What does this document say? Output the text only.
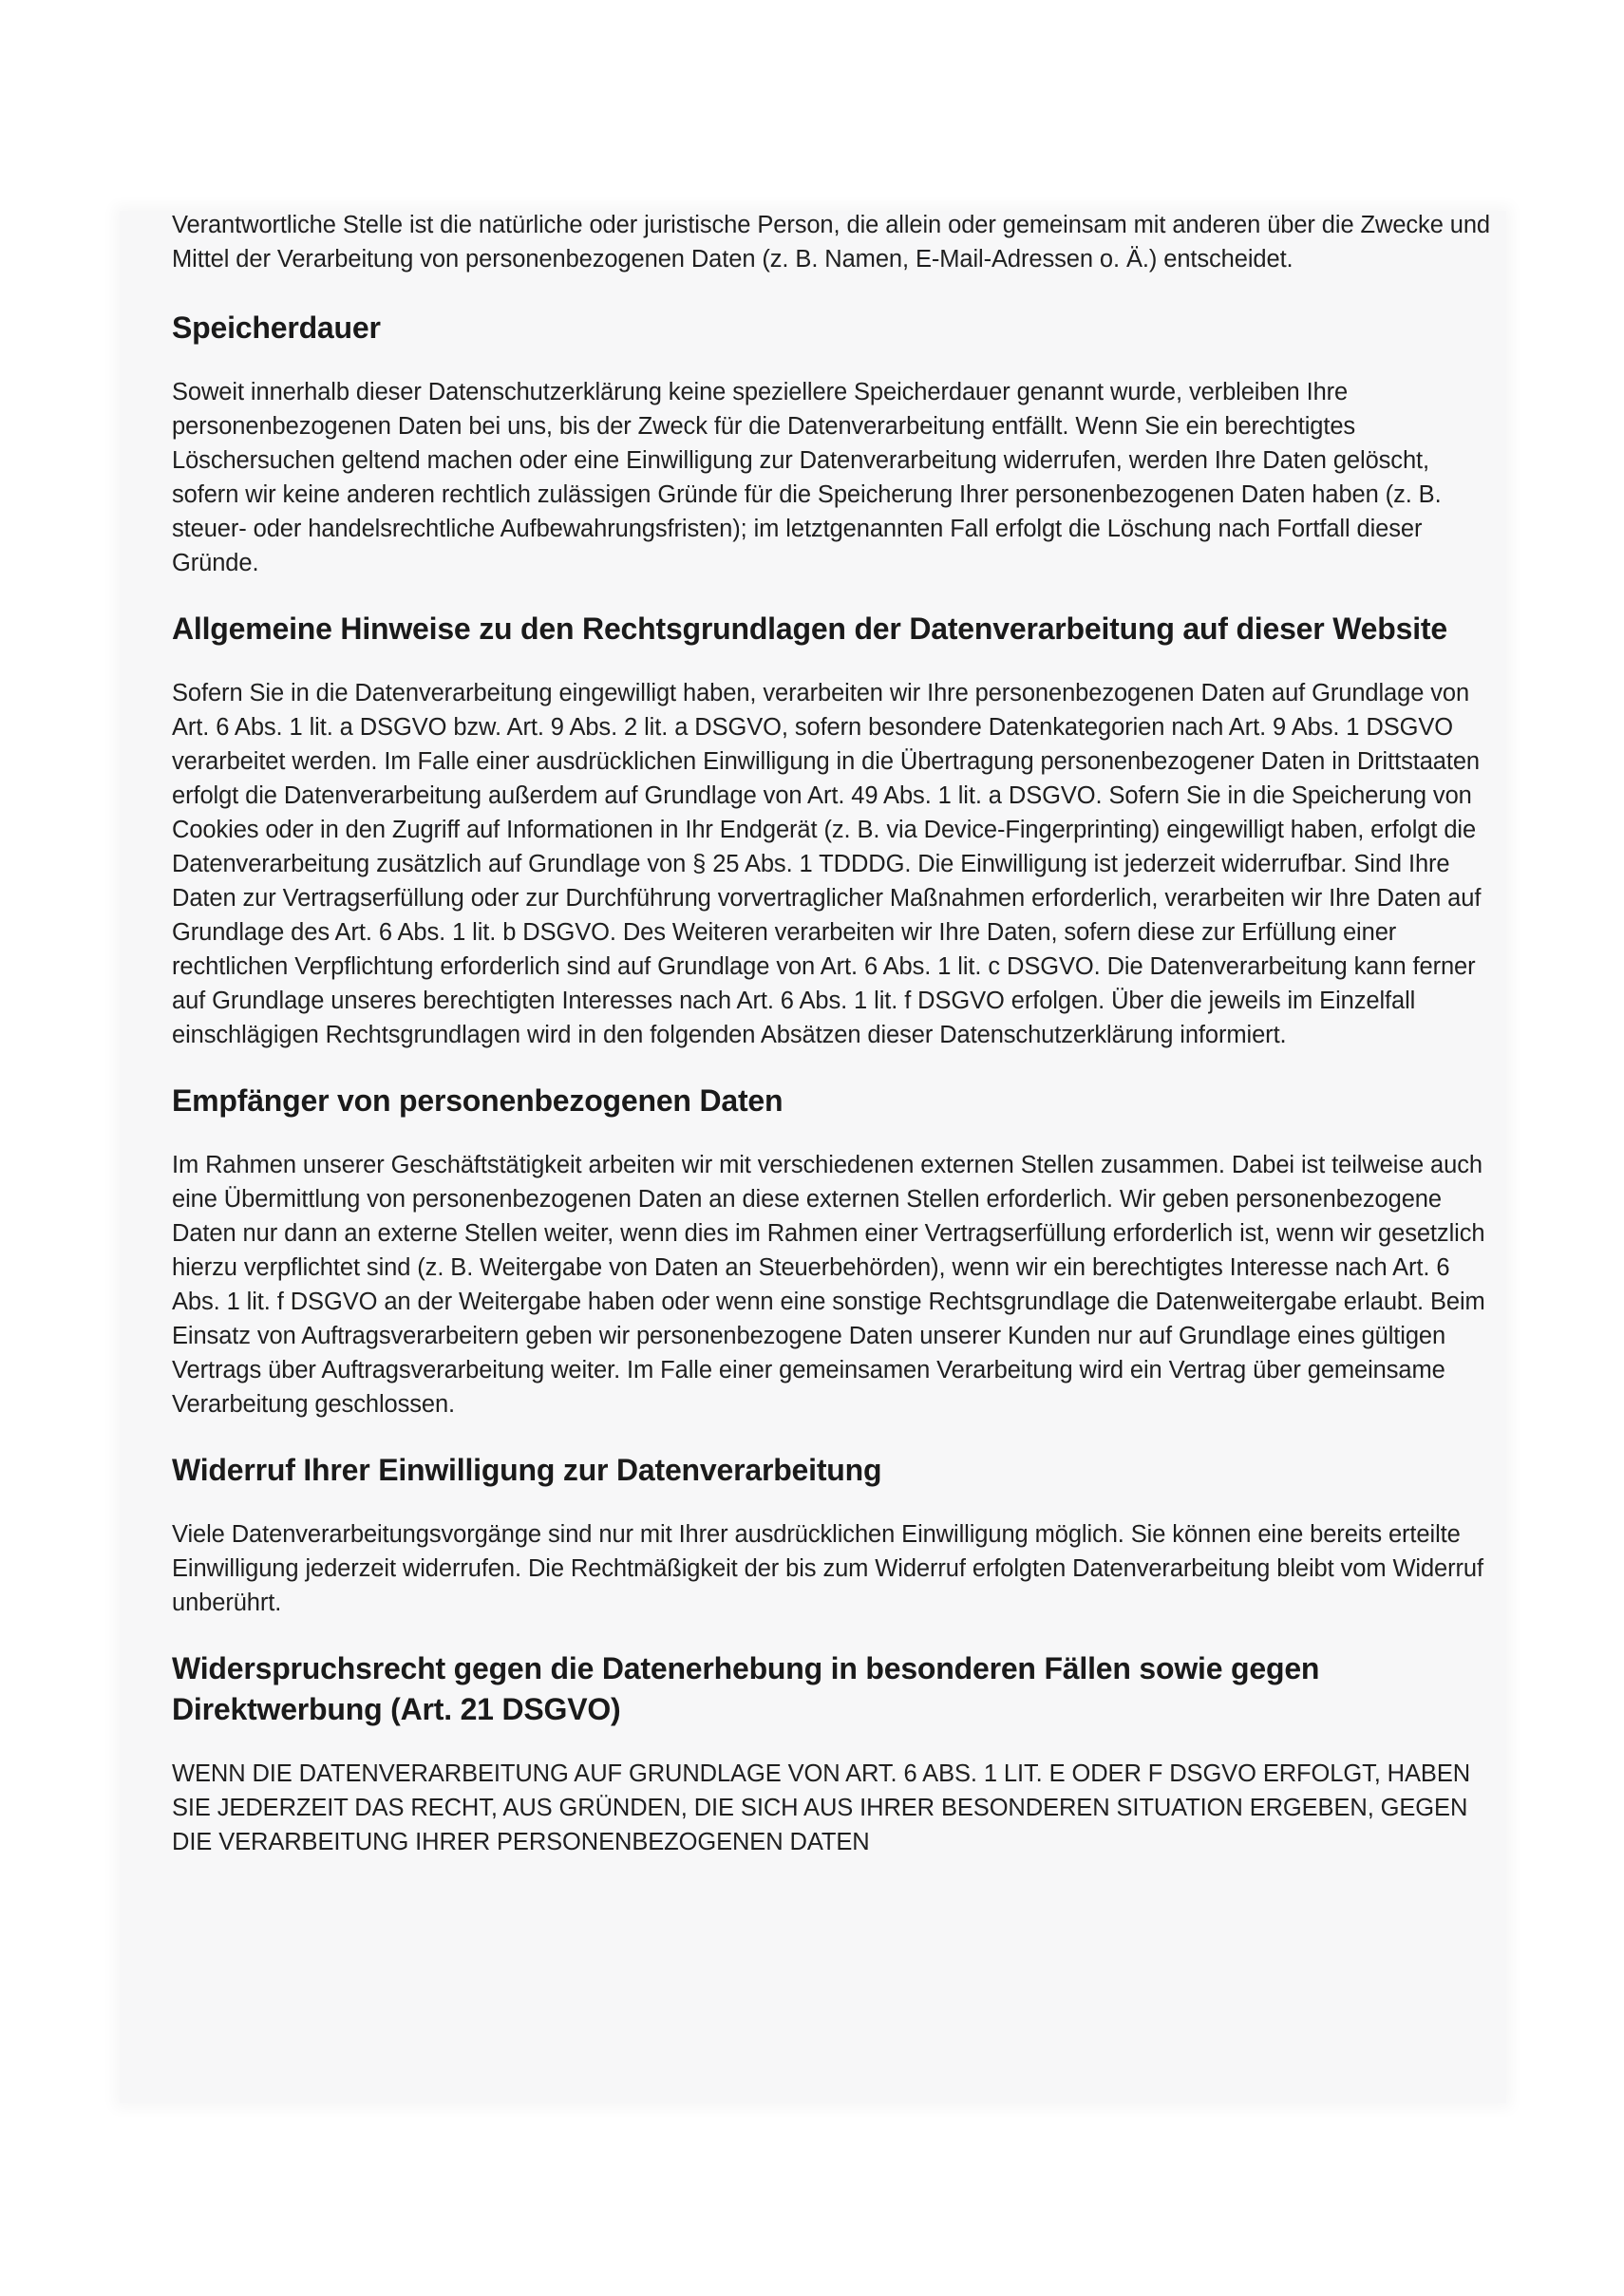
Verantwortliche Stelle ist die natürliche oder juristische Person, die allein oder gemeinsam mit anderen über die Zwecke und Mittel der Verarbeitung von personenbezogenen Daten (z. B. Namen, E-Mail-Adressen o. Ä.) entscheidet.

Speicherdauer

Soweit innerhalb dieser Datenschutzerklärung keine speziellere Speicherdauer genannt wurde, verbleiben Ihre personenbezogenen Daten bei uns, bis der Zweck für die Datenverarbeitung entfällt. Wenn Sie ein berechtigtes Löschersuchen geltend machen oder eine Einwilligung zur Datenverarbeitung widerrufen, werden Ihre Daten gelöscht, sofern wir keine anderen rechtlich zulässigen Gründe für die Speicherung Ihrer personenbezogenen Daten haben (z. B. steuer- oder handelsrechtliche Aufbewahrungsfristen); im letztgenannten Fall erfolgt die Löschung nach Fortfall dieser Gründe.

Allgemeine Hinweise zu den Rechtsgrundlagen der Datenverarbeitung auf dieser Website

Sofern Sie in die Datenverarbeitung eingewilligt haben, verarbeiten wir Ihre personenbezogenen Daten auf Grundlage von Art. 6 Abs. 1 lit. a DSGVO bzw. Art. 9 Abs. 2 lit. a DSGVO, sofern besondere Datenkategorien nach Art. 9 Abs. 1 DSGVO verarbeitet werden. Im Falle einer ausdrücklichen Einwilligung in die Übertragung personenbezogener Daten in Drittstaaten erfolgt die Datenverarbeitung außerdem auf Grundlage von Art. 49 Abs. 1 lit. a DSGVO. Sofern Sie in die Speicherung von Cookies oder in den Zugriff auf Informationen in Ihr Endgerät (z. B. via Device-Fingerprinting) eingewilligt haben, erfolgt die Datenverarbeitung zusätzlich auf Grundlage von § 25 Abs. 1 TDDDG. Die Einwilligung ist jederzeit widerrufbar. Sind Ihre Daten zur Vertragserfüllung oder zur Durchführung vorvertraglicher Maßnahmen erforderlich, verarbeiten wir Ihre Daten auf Grundlage des Art. 6 Abs. 1 lit. b DSGVO. Des Weiteren verarbeiten wir Ihre Daten, sofern diese zur Erfüllung einer rechtlichen Verpflichtung erforderlich sind auf Grundlage von Art. 6 Abs. 1 lit. c DSGVO. Die Datenverarbeitung kann ferner auf Grundlage unseres berechtigten Interesses nach Art. 6 Abs. 1 lit. f DSGVO erfolgen. Über die jeweils im Einzelfall einschlägigen Rechtsgrundlagen wird in den folgenden Absätzen dieser Datenschutzerklärung informiert.

Empfänger von personenbezogenen Daten

Im Rahmen unserer Geschäftstätigkeit arbeiten wir mit verschiedenen externen Stellen zusammen. Dabei ist teilweise auch eine Übermittlung von personenbezogenen Daten an diese externen Stellen erforderlich. Wir geben personenbezogene Daten nur dann an externe Stellen weiter, wenn dies im Rahmen einer Vertragserfüllung erforderlich ist, wenn wir gesetzlich hierzu verpflichtet sind (z. B. Weitergabe von Daten an Steuerbehörden), wenn wir ein berechtigtes Interesse nach Art. 6 Abs. 1 lit. f DSGVO an der Weitergabe haben oder wenn eine sonstige Rechtsgrundlage die Datenweitergabe erlaubt. Beim Einsatz von Auftragsverarbeitern geben wir personenbezogene Daten unserer Kunden nur auf Grundlage eines gültigen Vertrags über Auftragsverarbeitung weiter. Im Falle einer gemeinsamen Verarbeitung wird ein Vertrag über gemeinsame Verarbeitung geschlossen.

Widerruf Ihrer Einwilligung zur Datenverarbeitung

Viele Datenverarbeitungsvorgänge sind nur mit Ihrer ausdrücklichen Einwilligung möglich. Sie können eine bereits erteilte Einwilligung jederzeit widerrufen. Die Rechtmäßigkeit der bis zum Widerruf erfolgten Datenverarbeitung bleibt vom Widerruf unberührt.

Widerspruchsrecht gegen die Datenerhebung in besonderen Fällen sowie gegen Direktwerbung (Art. 21 DSGVO)

WENN DIE DATENVERARBEITUNG AUF GRUNDLAGE VON ART. 6 ABS. 1 LIT. E ODER F DSGVO ERFOLGT, HABEN SIE JEDERZEIT DAS RECHT, AUS GRÜNDEN, DIE SICH AUS IHRER BESONDEREN SITUATION ERGEBEN, GEGEN DIE VERARBEITUNG IHRER PERSONENBEZOGENEN DATEN
